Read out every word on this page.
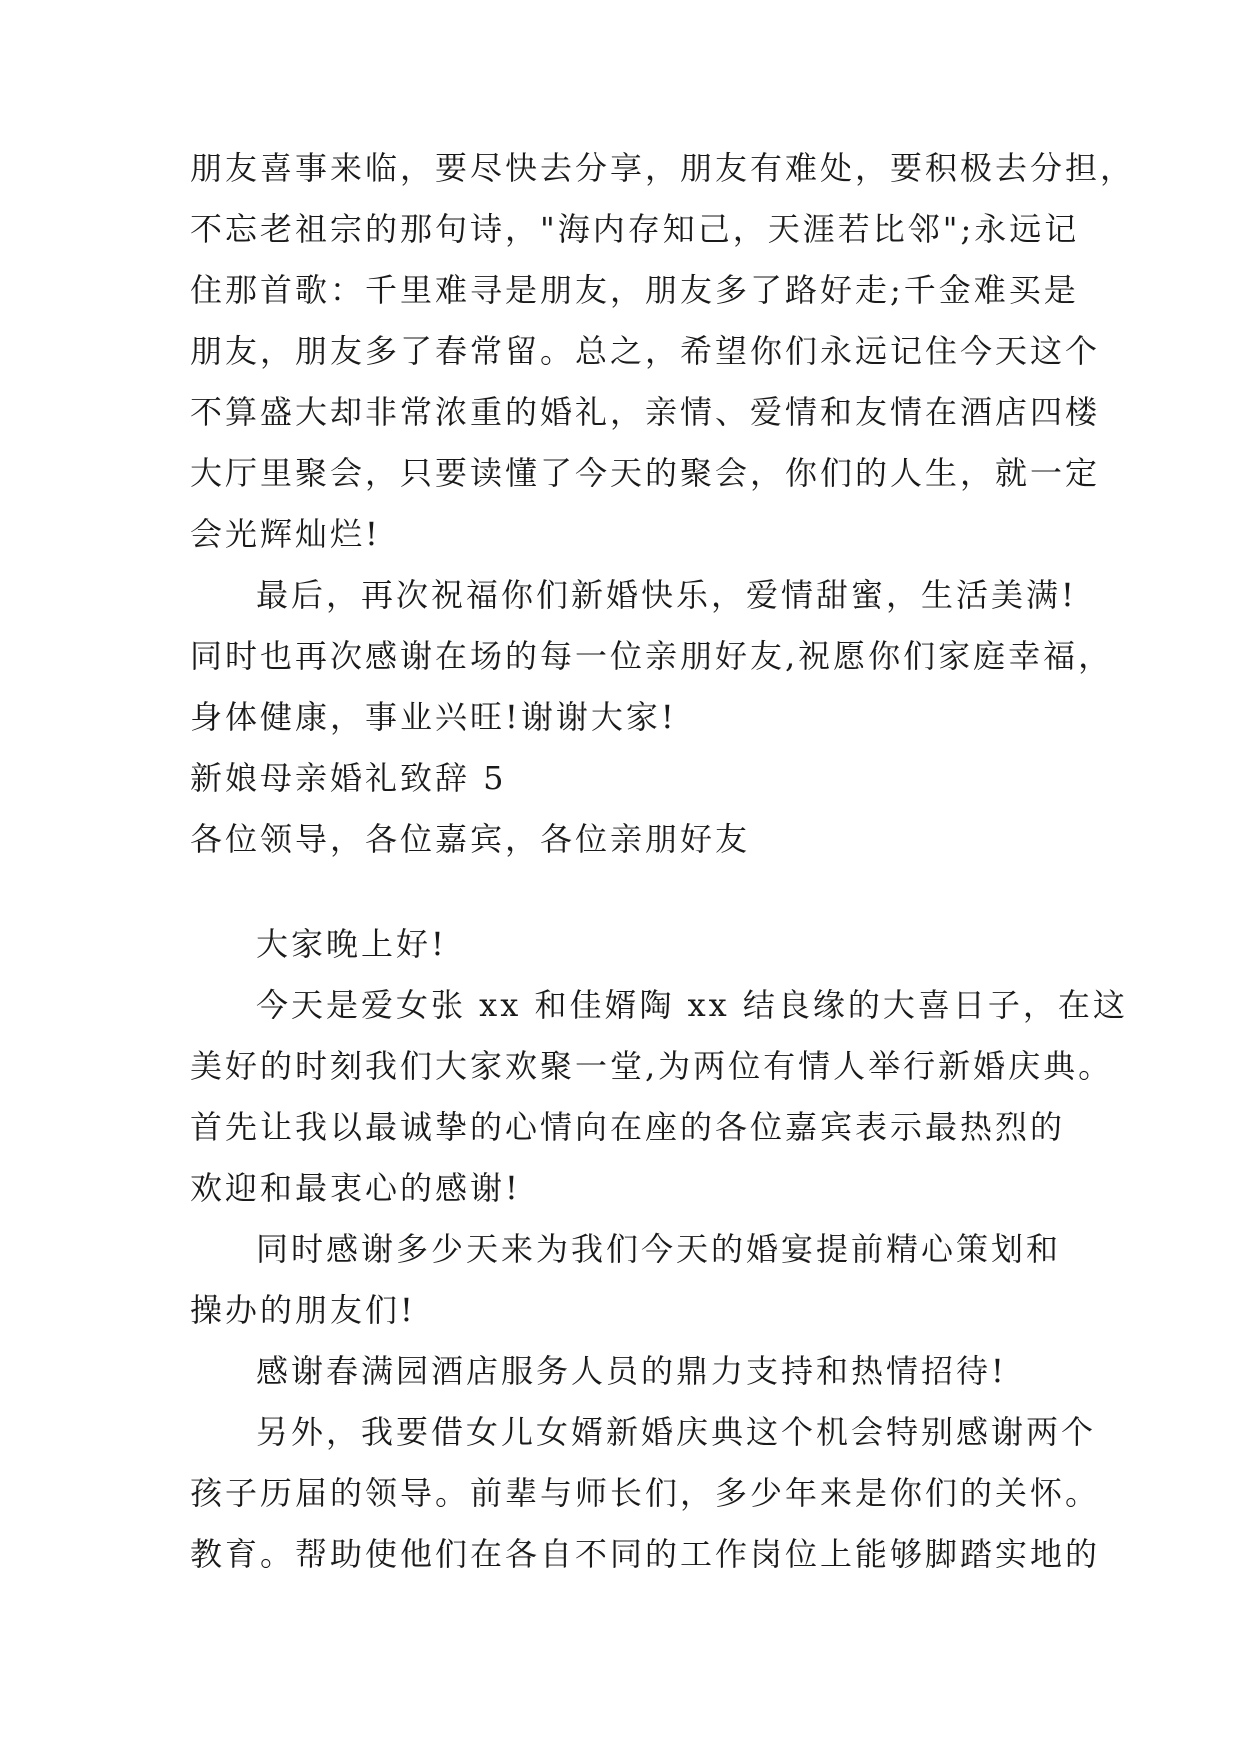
朋友喜事来临，要尽快去分享，朋友有难处，要积极去分担，
不忘老祖宗的那句诗，"海内存知己，天涯若比邻";永远记
住那首歌：千里难寻是朋友，朋友多了路好走;千金难买是
朋友，朋友多了春常留。总之，希望你们永远记住今天这个
不算盛大却非常浓重的婚礼，亲情、爱情和友情在酒店四楼
大厅里聚会，只要读懂了今天的聚会，你们的人生，就一定
会光辉灿烂!
最后，再次祝福你们新婚快乐，爱情甜蜜，生活美满!
同时也再次感谢在场的每一位亲朋好友,祝愿你们家庭幸福，
身体健康，事业兴旺!谢谢大家!
新娘母亲婚礼致辞 5
各位领导，各位嘉宾，各位亲朋好友
大家晚上好!
今天是爱女张 xx 和佳婿陶 xx 结良缘的大喜日子，在这
美好的时刻我们大家欢聚一堂,为两位有情人举行新婚庆典。
首先让我以最诚挚的心情向在座的各位嘉宾表示最热烈的
欢迎和最衷心的感谢!
同时感谢多少天来为我们今天的婚宴提前精心策划和
操办的朋友们!
感谢春满园酒店服务人员的鼎力支持和热情招待!
另外，我要借女儿女婿新婚庆典这个机会特别感谢两个
孩子历届的领导。前辈与师长们，多少年来是你们的关怀。
教育。帮助使他们在各自不同的工作岗位上能够脚踏实地的
